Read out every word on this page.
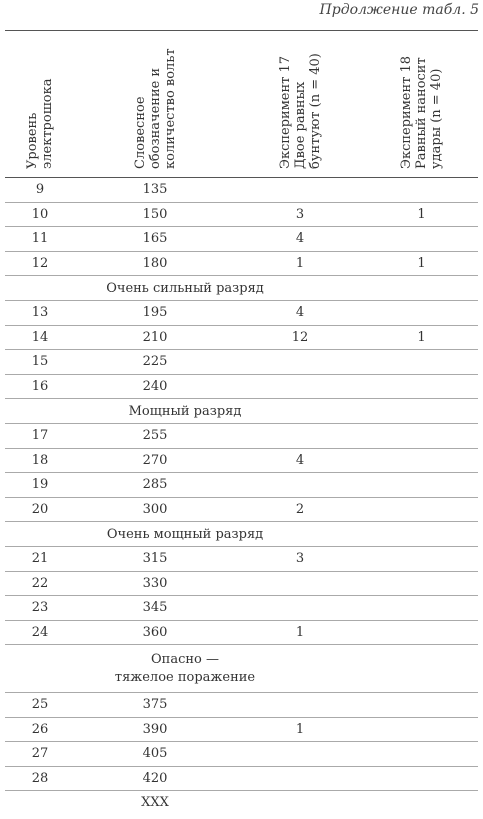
Прдолжение табл. 5
Уровень электрошока	Словесное обозначение и количество вольт	Эксперимент 17 Двое равных бунтуют (n = 40)	Эксперимент 18 Равный наносит удары (n = 40)
9	135		
10	150	3	1
11	165	4	
12	180	1	1
Очень сильный разряд			
13	195	4	
14	210	12	1
15	225		
16	240		
Мощный разряд			
17	255		
18	270	4	
19	285		
20	300	2	
Очень мощный разряд			
21	315	3	
22	330		
23	345		
24	360	1	
Опасно —
тяжелое поражение			
25	375		
26	390	1	
27	405		
28	420		
	XXX		
